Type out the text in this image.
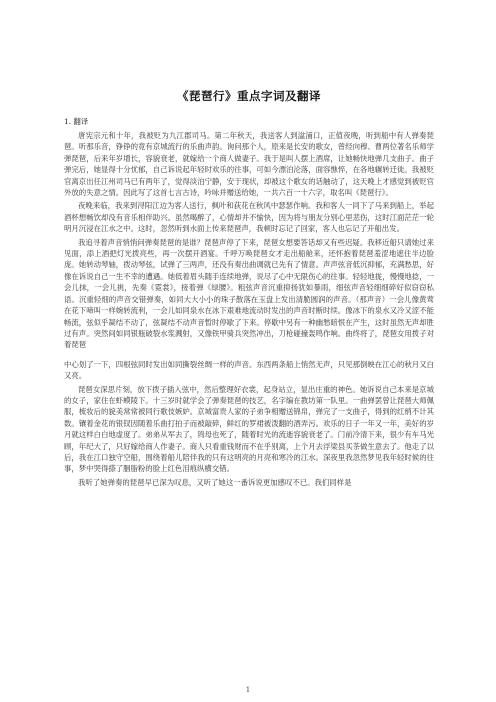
《琵琶行》重点字词及翻译
1. 翻译

唐宪宗元和十年，我被贬为九江郡司马。第二年秋天，我送客人到湓浦口，正值夜晚，听到船中有人弹奏琵琶。听那乐音，铮铮的竟有京城流行的乐曲声韵。询问那个人，原来是长安的歌女，曾经向穆、曹两位著名乐师学弹琵琶，后来年岁增长，容貌衰老，就嫁给一个商人做妻子。我于是叫人摆上酒席，让她畅快地弹几支曲子。曲子弹完后，她显得十分忧郁，自己诉说起年轻时欢乐的往事，可如今漂泊沦落，面容憔悴，在各地辗转迁徙。我被贬官离京出任江州司马已有两年了，觉得淡泊宁静，安于现状，却被这个歌女的话触动了，这天晚上才感觉到被贬官外放的失意之情。因此写了这首七言古诗，吟咏并赠送给她，一共六百一十六字，取名叫《琵琶行》。

夜晚来临，我来到浔阳江边为客人送行，枫叶和荻花在秋风中瑟瑟作响。我和客人一同下了马来到船上，举起酒杯想畅饮却没有音乐相伴助兴。虽然喝醉了，心情却并不愉快，因为将与朋友分别心里悲伤，这时江面茫茫一轮明月沉浸在江水之中。这时，忽然听到水面上传来琵琶声，我顿时忘记了回家，客人也忘记了开船出发。

我追寻着声音悄悄问弹奏琵琶的是谁？琵琶声停了下来，琵琶女想要答话却又有些迟疑。我移近船只请她过来见面，添上酒把灯光拨亮些，再一次摆开酒宴。千呼万唤琵琶女才走出船舱来，还怀抱着琵琶羞涩地遮住半边脸庞。她转动琴轴，拨动琴弦，试弹了三两声，还没有奏出曲调就已先有了情意。声声弦音低沉抑郁，充满愁思，好像在诉说自己一生不幸的遭遇。她低着眉头随手连续地弹，说尽了心中无限伤心的往事。轻轻地拢，慢慢地捻，一会儿抹，一会儿挑，先奏《霓裳》，接着弹《绿腰》。粗弦声音沉重抑扬犹如暴雨，细弦声音轻细细碎好似窃窃私语。沉重轻细的声音交错弹奏，如同大大小小的珠子散落在玉盘上发出清脆圆润的声音。（那声音）一会儿像黄莺在花下啼叫一样婉转流利，一会儿如同泉水在冰下艰难地流动时发出的声音时断时续。像冰下的泉水又冷又涩不能畅流，弦似乎凝结不动了，弦凝结不动声音暂时停歇了下来。停歇中另有一种幽愁暗恨在产生，这时虽然无声却胜过有声。突然间如同银瓶破裂水浆溅射，又像铁甲骑兵突然冲出，刀枪碰撞轰鸣作响。曲终将了，琵琶女用拨子对着琵琶

中心划了一下，四根弦同时发出如同撕裂丝绸一样的声音。东西两条船上悄然无声，只见那倒映在江心的秋月又白又亮。

琵琶女深思片刻，放下拨子插入弦中，然后整理好衣裳，起身站立，显出庄重的神色。她诉说自己本来是京城的女子，家住在虾蟆陵下。十三岁时就学会了弹奏琵琶的技艺，名字编在教坊第一队里。一曲弹罢曾让琵琶大师佩服，梳妆后的貌美常常被同行歌伎嫉妒。京城富贵人家的子弟争相赠送锦帛，弹完了一支曲子，得到的红绡不计其数。镶着金花的银钗因随着乐曲打拍子而被敲碎，鲜红的罗裙被泼翻的酒弄污。欢乐的日子一年又一年，美好的岁月就这样白白地虚度了。弟弟从军去了，鸨母也死了，随着时光的流逝容貌衰老了。门前冷清下来，很少有车马光顾，年纪大了，只好嫁给商人作妻子。商人只看重钱财而不在乎别离，上个月去浮梁县买茶做生意去了。他走了以后，我在江口独守空船，围绕着船儿陪伴我的只有这明亮的月亮和寒冷的江水。深夜里我忽然梦见我年轻时候的往事，梦中哭得搽了胭脂粉的脸上红色泪痕纵横交错。

我听了她弹奏的琵琶早已深为叹息，又听了她这一番诉说更加感叹不已。我们同样是

1
